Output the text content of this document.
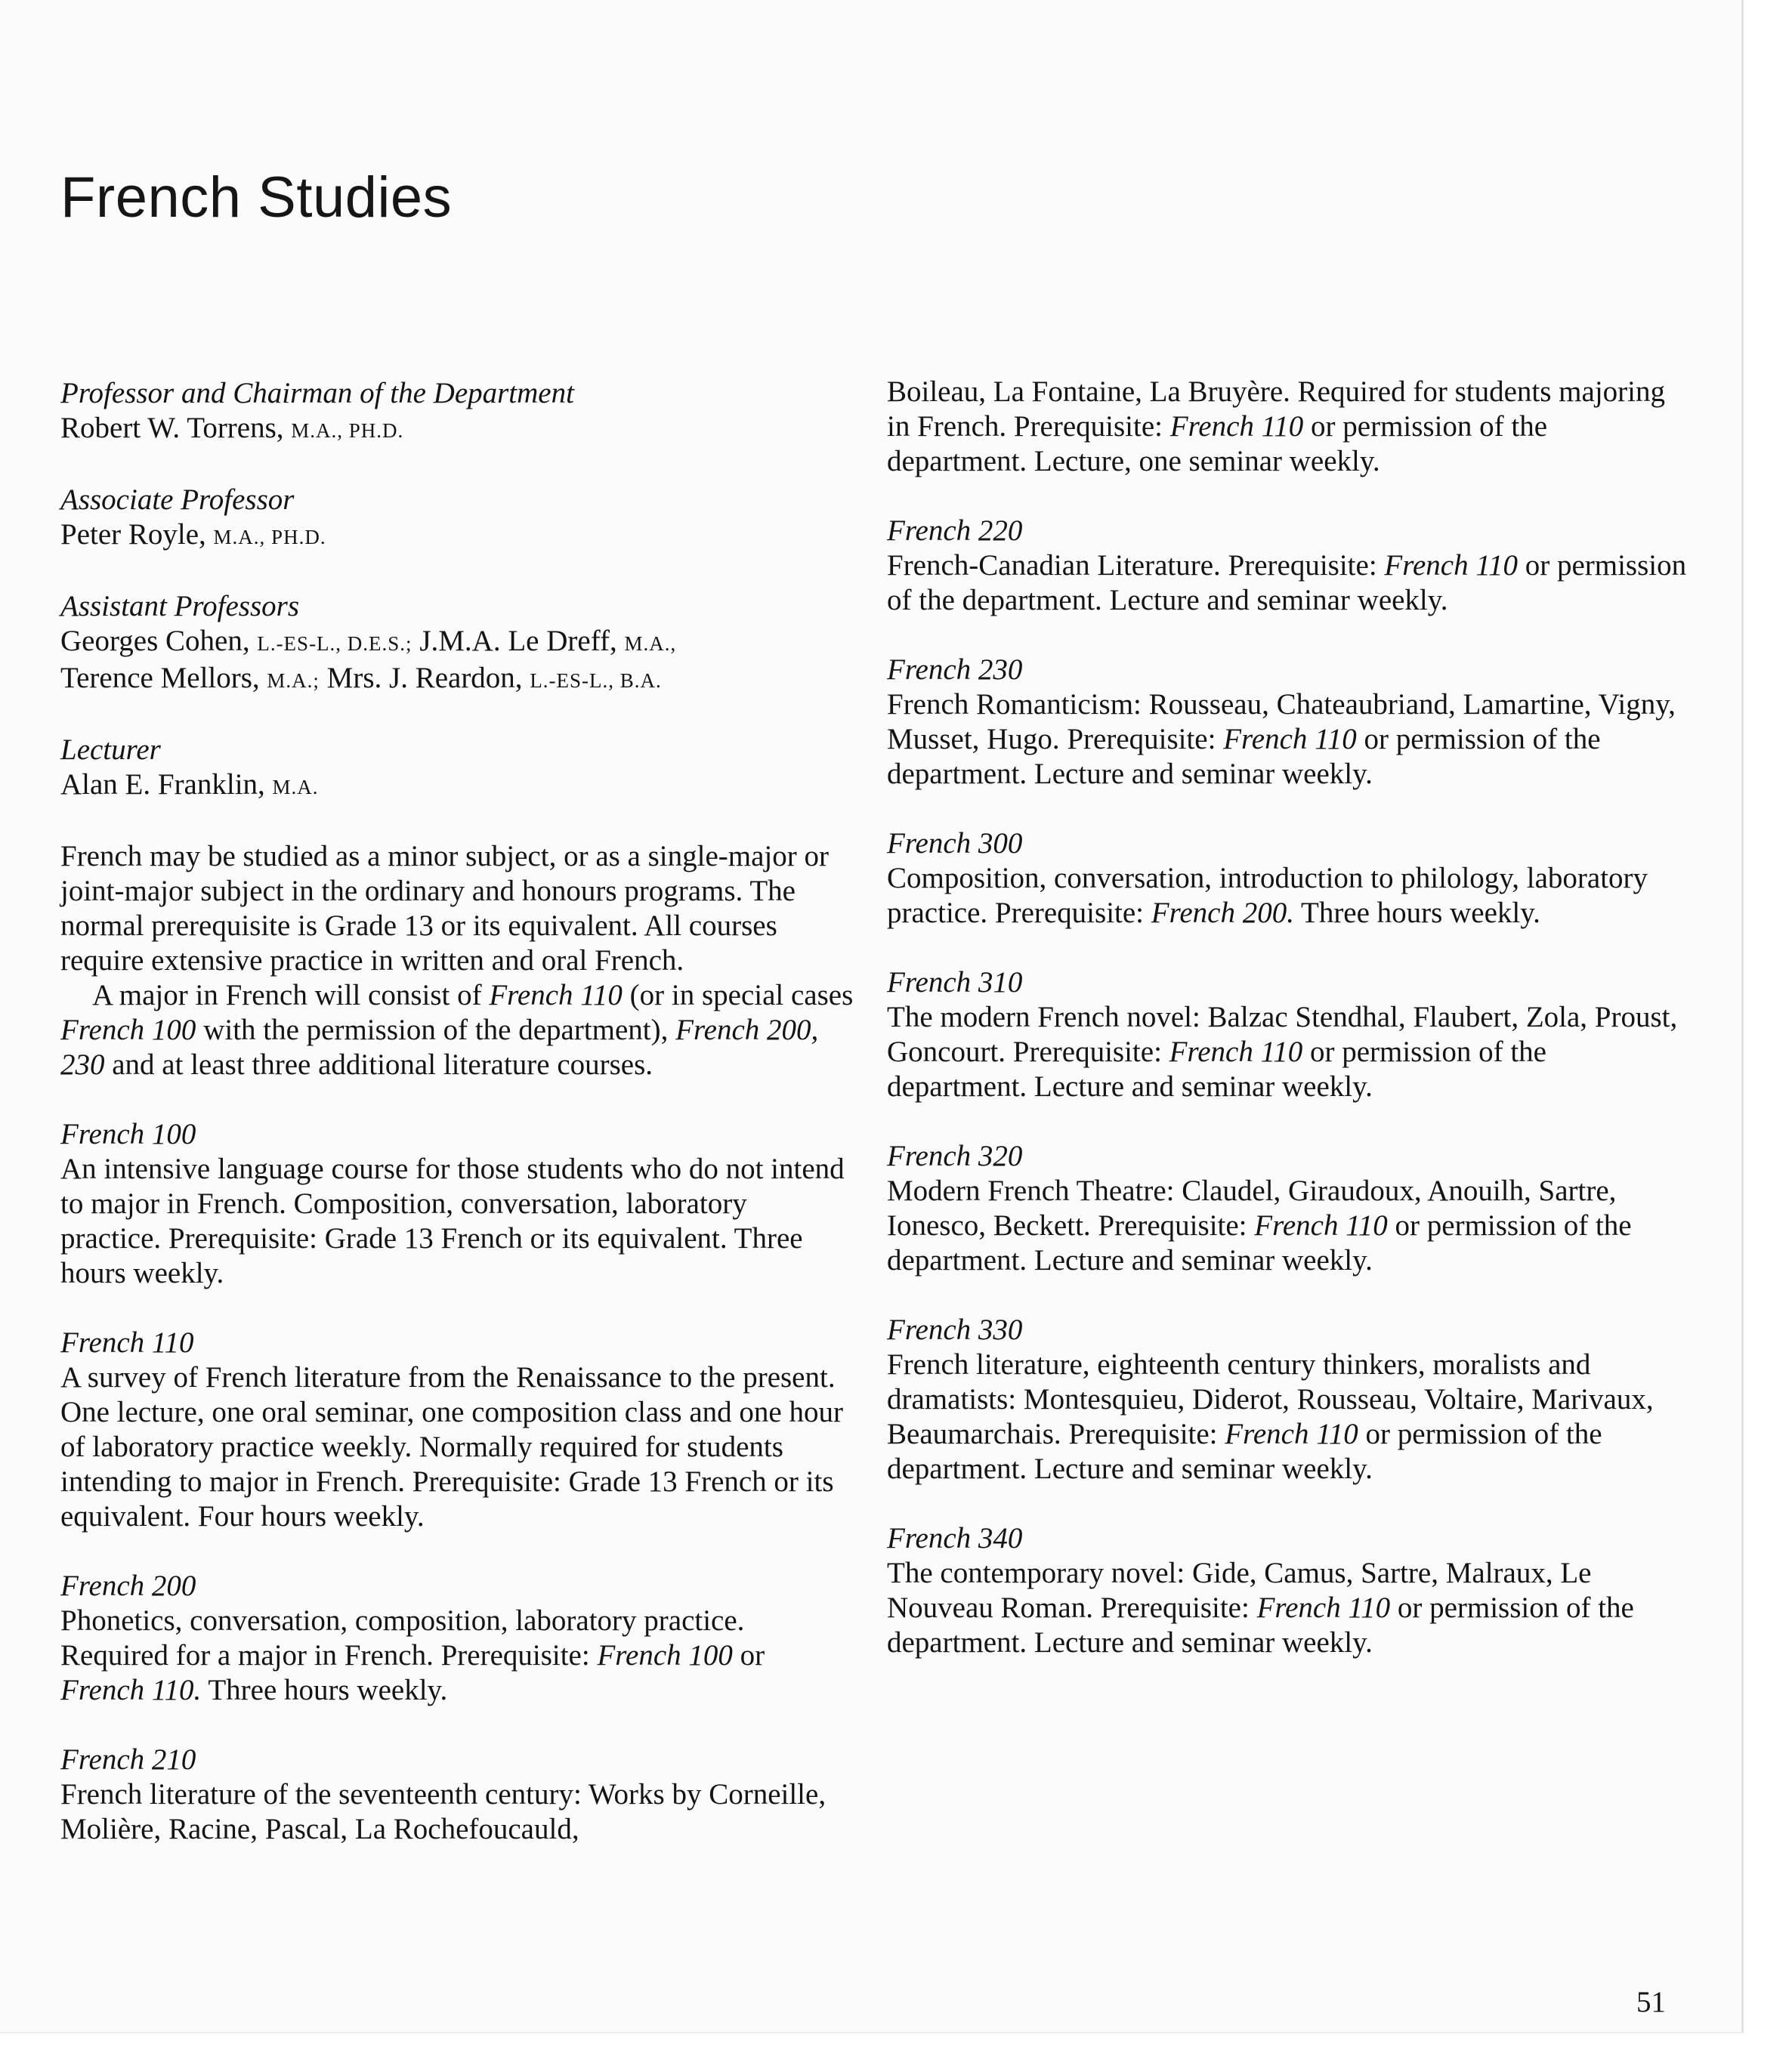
French Studies

Professor and Chairman of the Department

Robert W. Torrens, M.A., PH.D.

Associate Professor

Peter Royle, M.A., PH.D.

Assistant Professors

Georges Cohen, L.-ES-L., D.E.S.; J.M.A. Le Dreff, M.A.,
Terence Mellors, M.A.; Mrs. J. Reardon, L.-ES-L., B.A.

Lecturer

Alan E. Franklin, M.A.

French may be studied as a minor subject, or as a single-major or joint-major subject in the ordinary and honours programs. The normal prerequisite is Grade 13 or its equivalent. All courses require extensive practice in written and oral French.

A major in French will consist of French 110 (or in special cases French 100 with the permission of the department), French 200, 230 and at least three additional literature courses.

French 100

An intensive language course for those students who do not intend to major in French. Composition, conversation, laboratory practice. Prerequisite: Grade 13 French or its equivalent. Three hours weekly.

French 110

A survey of French literature from the Renaissance to the present. One lecture, one oral seminar, one composition class and one hour of laboratory practice weekly. Normally required for students intending to major in French. Prerequisite: Grade 13 French or its equivalent. Four hours weekly.

French 200

Phonetics, conversation, composition, laboratory practice. Required for a major in French. Prerequisite: French 100 or French 110. Three hours weekly.

French 210

French literature of the seventeenth century: Works by Corneille, Molière, Racine, Pascal, La Rochefoucauld,

Boileau, La Fontaine, La Bruyère. Required for students majoring in French. Prerequisite: French 110 or permission of the department. Lecture, one seminar weekly.

French 220

French-Canadian Literature. Prerequisite: French 110 or permission of the department. Lecture and seminar weekly.

French 230

French Romanticism: Rousseau, Chateaubriand, Lamartine, Vigny, Musset, Hugo. Prerequisite: French 110 or permission of the department. Lecture and seminar weekly.

French 300

Composition, conversation, introduction to philology, laboratory practice. Prerequisite: French 200. Three hours weekly.

French 310

The modern French novel: Balzac Stendhal, Flaubert, Zola, Proust, Goncourt. Prerequisite: French 110 or permission of the department. Lecture and seminar weekly.

French 320

Modern French Theatre: Claudel, Giraudoux, Anouilh, Sartre, Ionesco, Beckett. Prerequisite: French 110 or permission of the department. Lecture and seminar weekly.

French 330

French literature, eighteenth century thinkers, moralists and dramatists: Montesquieu, Diderot, Rousseau, Voltaire, Marivaux, Beaumarchais. Prerequisite: French 110 or permission of the department. Lecture and seminar weekly.

French 340

The contemporary novel: Gide, Camus, Sartre, Malraux, Le Nouveau Roman. Prerequisite: French 110 or permission of the department. Lecture and seminar weekly.

51
